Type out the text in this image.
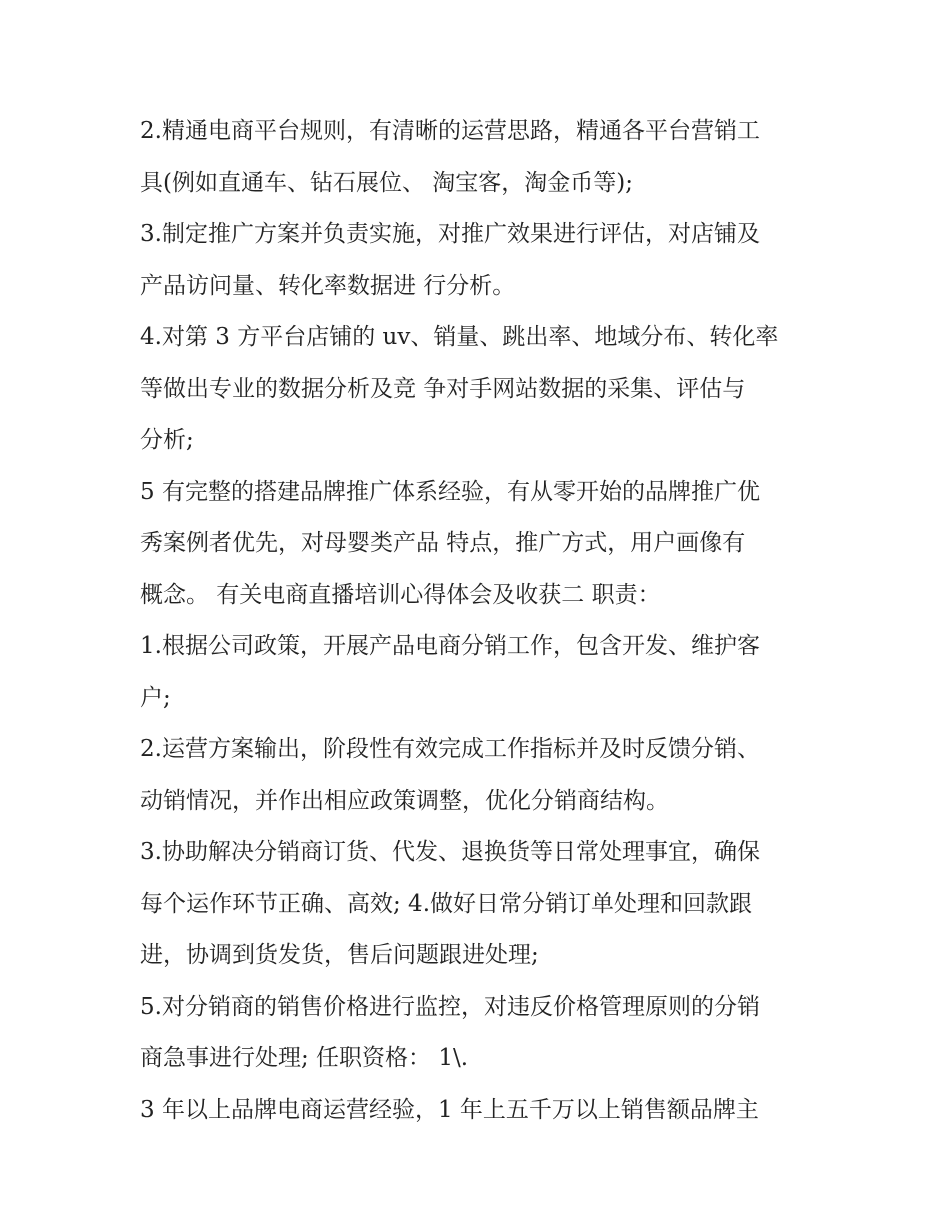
2.精通电商平台规则，有清晰的运营思路，精通各平台营销工

具(例如直通车、钻石展位、 淘宝客，淘金币等);

3.制定推广方案并负责实施，对推广效果进行评估，对店铺及

产品访问量、转化率数据进 行分析。

4.对第 3 方平台店铺的 uv、销量、跳出率、地域分布、转化率

等做出专业的数据分析及竞 争对手网站数据的采集、评估与

分析;

5 有完整的搭建品牌推广体系经验，有从零开始的品牌推广优

秀案例者优先，对母婴类产品 特点，推广方式，用户画像有

概念。 有关电商直播培训心得体会及收获二 职责：

1.根据公司政策，开展产品电商分销工作，包含开发、维护客

户;

2.运营方案输出，阶段性有效完成工作指标并及时反馈分销、

动销情况，并作出相应政策调整，优化分销商结构。

3.协助解决分销商订货、代发、退换货等日常处理事宜，确保

每个运作环节正确、高效; 4.做好日常分销订单处理和回款跟

进，协调到货发货，售后问题跟进处理;

5.对分销商的销售价格进行监控，对违反价格管理原则的分销

商急事进行处理; 任职资格： 1\.

3 年以上品牌电商运营经验，1 年上五千万以上销售额品牌主
